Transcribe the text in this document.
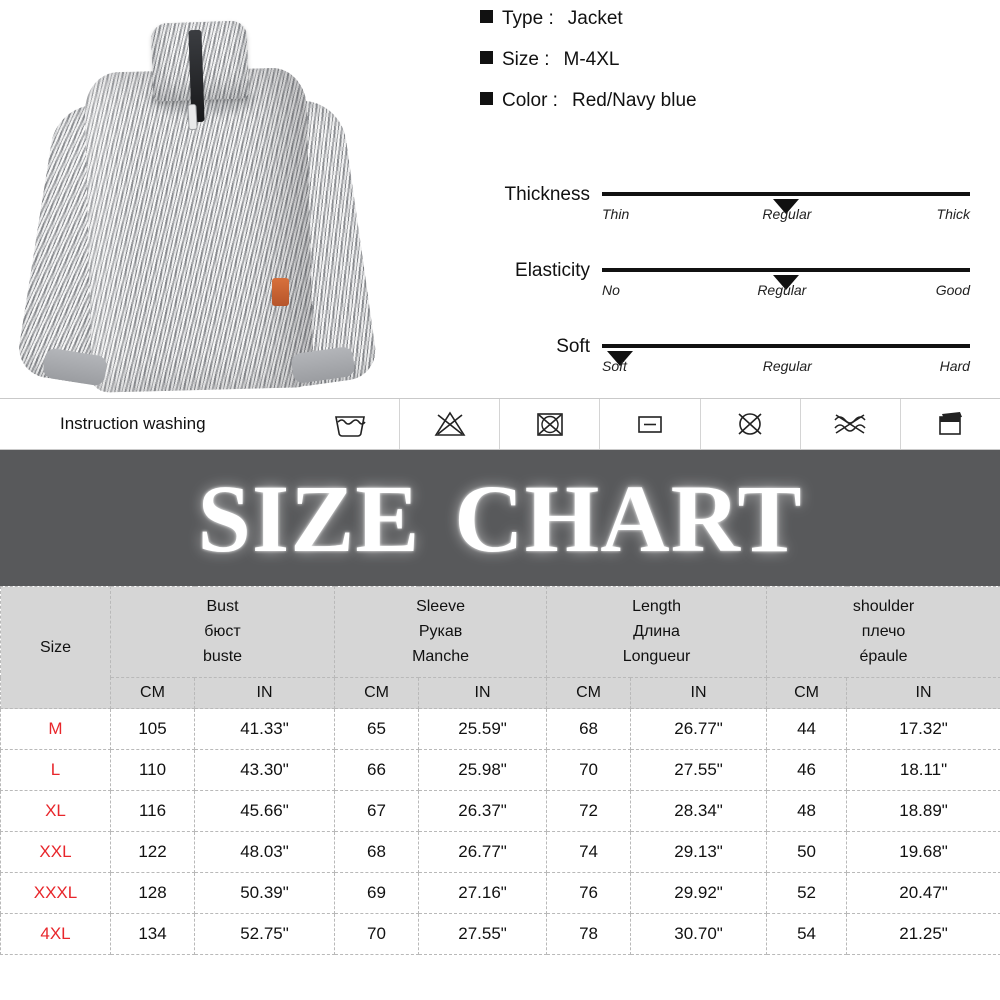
Type : Jacket
Size : M-4XL
Color : Red/Navy blue
Thickness
Thin	Regular	Thick
Elasticity
No	Regular	Good
Soft
Soft	Regular	Hard
Instruction washing
SIZE CHART
Size	
Bust
бюст
buste

Sleeve
Рукав
Manche

Length
Длина
Longueur

shoulder
плечо
épaule

	CM	IN	CM	IN	CM	IN	CM	IN
M	105	41.33"	65	25.59"	68	26.77"	44	17.32"
L	110	43.30"	66	25.98"	70	27.55"	46	18.11"
XL	116	45.66"	67	26.37"	72	28.34"	48	18.89"
XXL	122	48.03"	68	26.77"	74	29.13"	50	19.68"
XXXL	128	50.39"	69	27.16"	76	29.92"	52	20.47"
4XL	134	52.75"	70	27.55"	78	30.70"	54	21.25"
